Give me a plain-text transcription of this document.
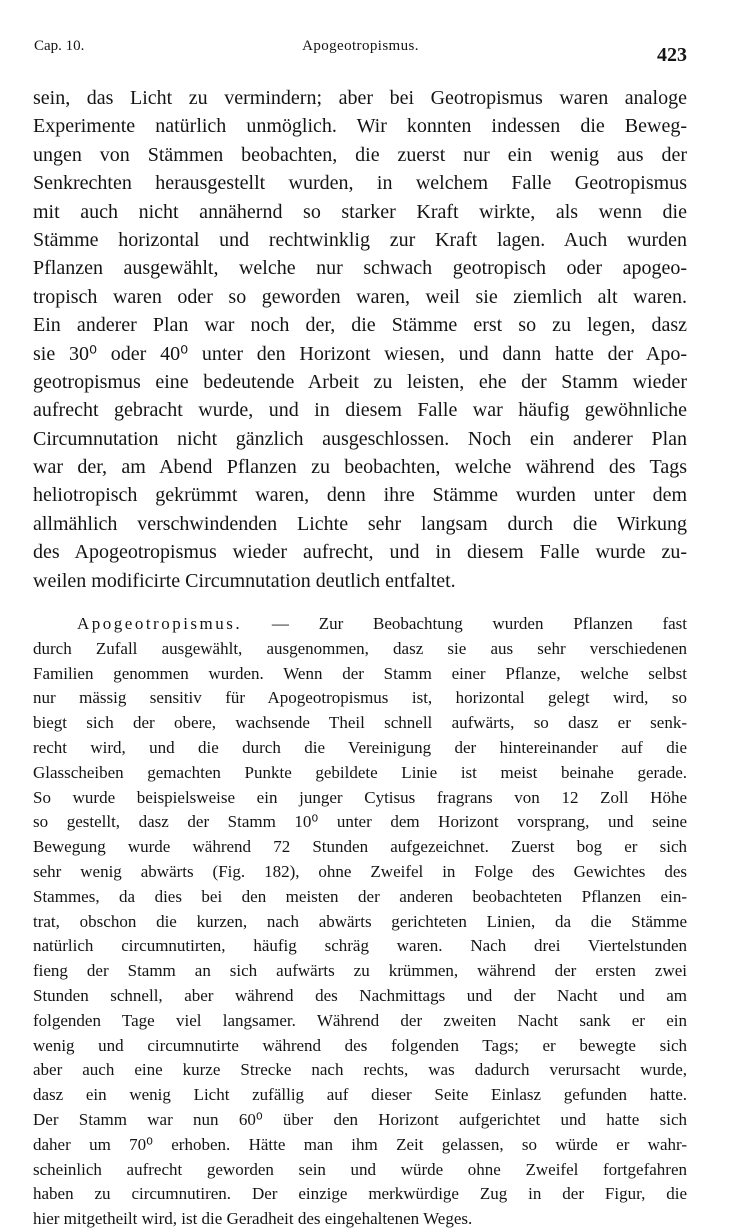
Cap. 10.	Apogeotropismus.	423
sein, das Licht zu vermindern; aber bei Geotropismus waren analoge
Experimente natürlich unmöglich. Wir konnten indessen die Beweg-
ungen von Stämmen beobachten, die zuerst nur ein wenig aus der
Senkrechten herausgestellt wurden, in welchem Falle Geotropismus
mit auch nicht annähernd so starker Kraft wirkte, als wenn die
Stämme horizontal und rechtwinklig zur Kraft lagen. Auch wurden
Pflanzen ausgewählt, welche nur schwach geotropisch oder apogeo-
tropisch waren oder so geworden waren, weil sie ziemlich alt waren.
Ein anderer Plan war noch der, die Stämme erst so zu legen, dasz
sie 30⁰ oder 40⁰ unter den Horizont wiesen, und dann hatte der Apo-
geotropismus eine bedeutende Arbeit zu leisten, ehe der Stamm wieder
aufrecht gebracht wurde, und in diesem Falle war häufig gewöhnliche
Circumnutation nicht gänzlich ausgeschlossen. Noch ein anderer Plan
war der, am Abend Pflanzen zu beobachten, welche während des Tags
heliotropisch gekrümmt waren, denn ihre Stämme wurden unter dem
allmählich verschwindenden Lichte sehr langsam durch die Wirkung
des Apogeotropismus wieder aufrecht, und in diesem Falle wurde zu-
weilen modificirte Circumnutation deutlich entfaltet.
Apogeotropismus. — Zur Beobachtung wurden Pflanzen fast
durch Zufall ausgewählt, ausgenommen, dasz sie aus sehr verschiedenen
Familien genommen wurden. Wenn der Stamm einer Pflanze, welche selbst
nur mässig sensitiv für Apogeotropismus ist, horizontal gelegt wird, so
biegt sich der obere, wachsende Theil schnell aufwärts, so dasz er senk-
recht wird, und die durch die Vereinigung der hintereinander auf die
Glasscheiben gemachten Punkte gebildete Linie ist meist beinahe gerade.
So wurde beispielsweise ein junger Cytisus fragrans von 12 Zoll Höhe
so gestellt, dasz der Stamm 10⁰ unter dem Horizont vorsprang, und seine
Bewegung wurde während 72 Stunden aufgezeichnet. Zuerst bog er sich
sehr wenig abwärts (Fig. 182), ohne Zweifel in Folge des Gewichtes des
Stammes, da dies bei den meisten der anderen beobachteten Pflanzen ein-
trat, obschon die kurzen, nach abwärts gerichteten Linien, da die Stämme
natürlich circumnutirten, häufig schräg waren. Nach drei Viertelstunden
fieng der Stamm an sich aufwärts zu krümmen, während der ersten zwei
Stunden schnell, aber während des Nachmittags und der Nacht und am
folgenden Tage viel langsamer. Während der zweiten Nacht sank er ein
wenig und circumnutirte während des folgenden Tags; er bewegte sich
aber auch eine kurze Strecke nach rechts, was dadurch verursacht wurde,
dasz ein wenig Licht zufällig auf dieser Seite Einlasz gefunden hatte.
Der Stamm war nun 60⁰ über den Horizont aufgerichtet und hatte sich
daher um 70⁰ erhoben. Hätte man ihm Zeit gelassen, so würde er wahr-
scheinlich aufrecht geworden sein und würde ohne Zweifel fortgefahren
haben zu circumnutiren. Der einzige merkwürdige Zug in der Figur, die
hier mitgetheilt wird, ist die Geradheit des eingehaltenen Weges.
